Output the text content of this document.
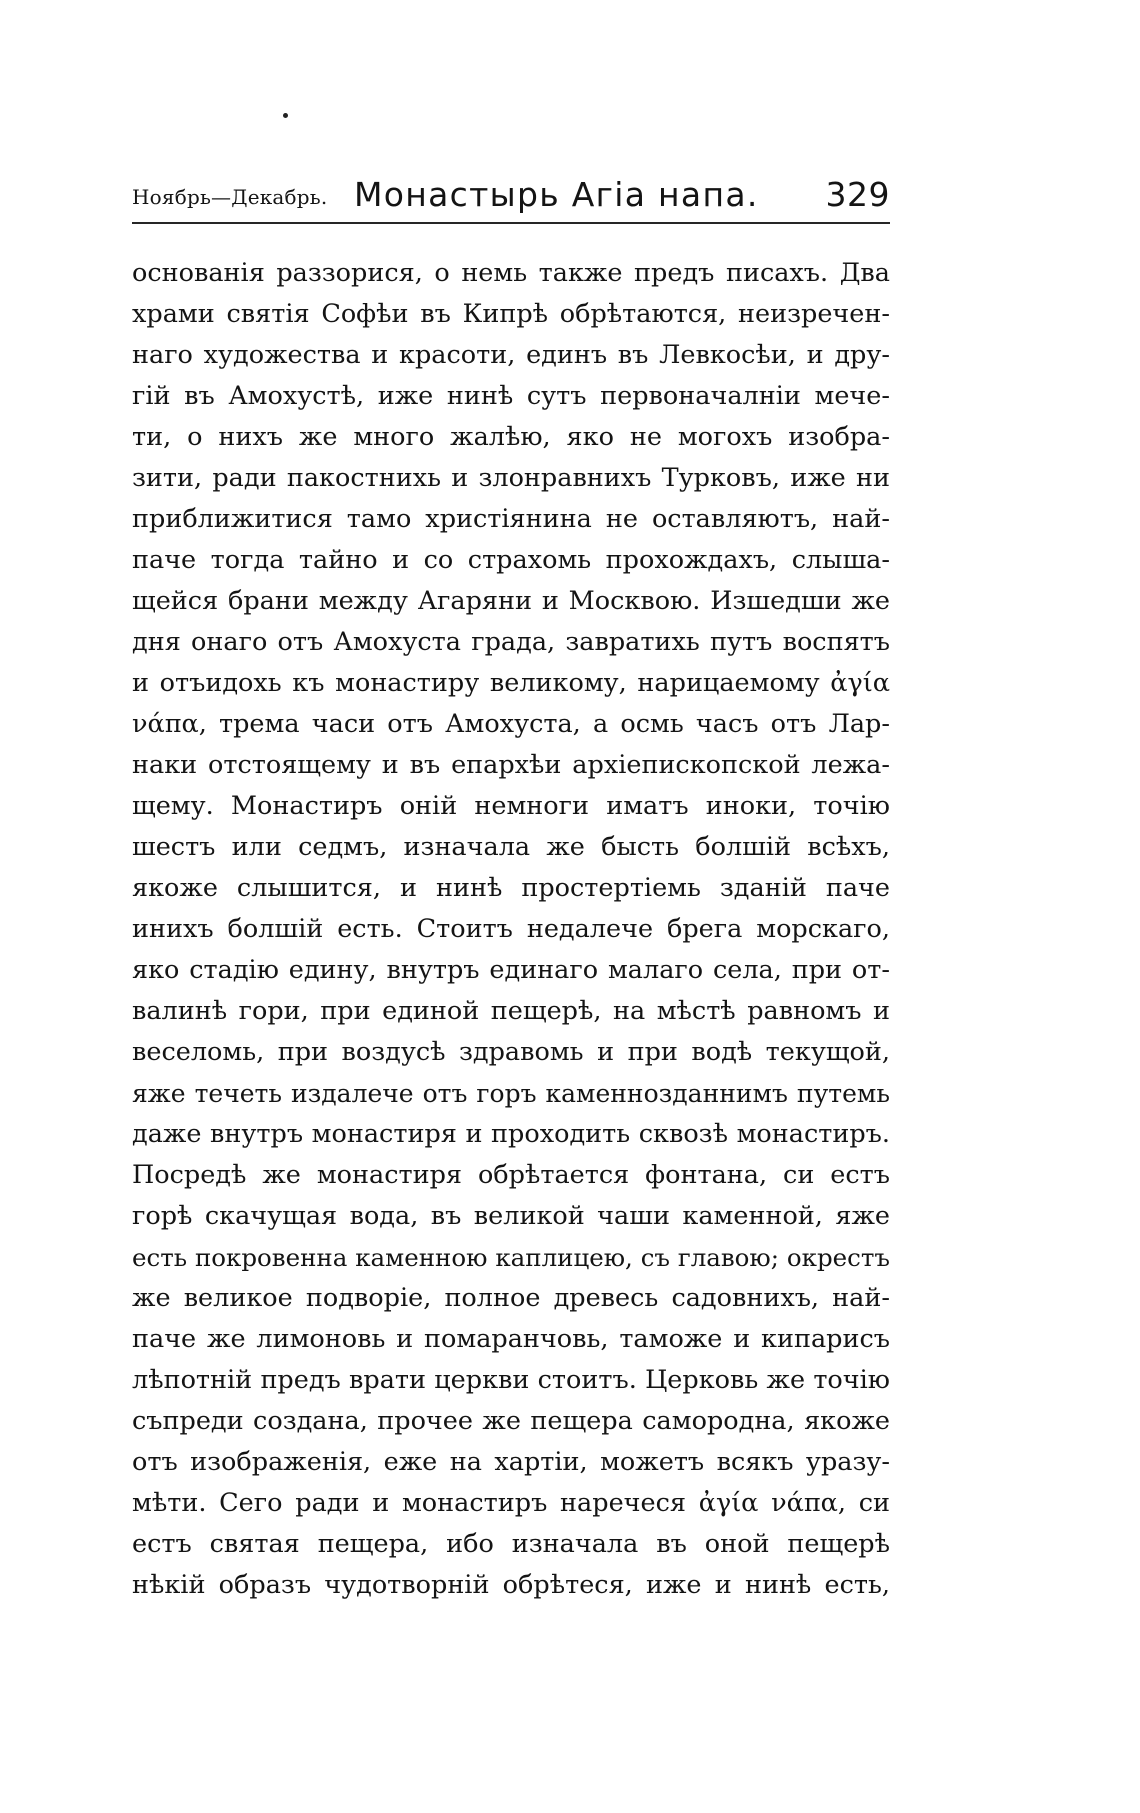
Ноябрь—Декабрь. Монастырь Агіа напа. 329
основанія раззорися, о немь также предъ писахъ. Два
храми святія Софѣи въ Кипрѣ обрѣтаются, неизречен-
наго художества и красоти, единъ въ Левкосѣи, и дру-
гій въ Амохустѣ, иже нинѣ сутъ первоначалніи мече-
ти, о нихъ же много жалѣю, яко не могохъ изобра-
зити, ради пакостнихь и злонравнихъ Турковъ, иже ни
приближитися тамо христіянина не оставляютъ, най-
паче тогда тайно и со страхомь прохождахъ, слыша-
щейся брани между Агаряни и Москвою. Изшедши же
дня онаго отъ Амохуста града, завратихь путъ воспятъ
и отъидохь къ монастиру великому, нарицаемому ἀγία
νάπα, трема часи отъ Амохуста, а осмь часъ отъ Лар-
наки отстоящему и въ епархѣи архіепископской лежа-
щему. Монастиръ оній немноги иматъ иноки, точію
шестъ или седмъ, изначала же бысть болшій всѣхъ,
якоже слышится, и нинѣ простертіемь зданій паче
инихъ болшій есть. Стоитъ недалече брега морскаго,
яко стадію едину, внутръ единаго малаго села, при от-
валинѣ гори, при единой пещерѣ, на мѣстѣ равномъ и
веселомь, при воздусѣ здравомь и при водѣ текущой,
яже течеть издалече отъ горъ каменнозданнимъ путемь
даже внутръ монастиря и проходить сквозѣ монастиръ.
Посредѣ же монастиря обрѣтается фонтана, си естъ
горѣ скачущая вода, въ великой чаши каменной, яже
есть покровенна каменною каплицею, съ главою; окрестъ
же великое подворіе, полное древесь садовнихъ, най-
паче же лимоновь и помаранчовь, таможе и кипарисъ
лѣпотній предъ врати церкви стоитъ. Церковь же точію
съпреди создана, прочее же пещера самородна, якоже
отъ изображенія, еже на хартіи, можетъ всякъ уразу-
мѣти. Сего ради и монастиръ наречеся ἀγία νάπα, си
естъ святая пещера, ибо изначала въ оной пещерѣ
нѣкій образъ чудотворній обрѣтеся, иже и нинѣ есть,
